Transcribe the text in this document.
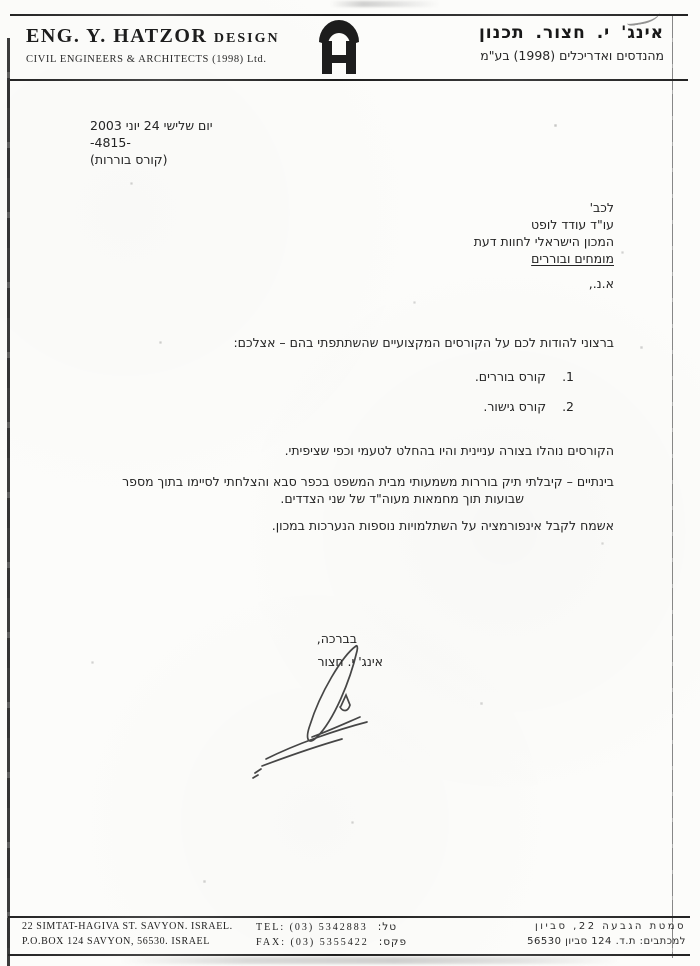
ENG. Y. HATZOR DESIGN
CIVIL ENGINEERS & ARCHITECTS (1998) Ltd.
אינג' י. חצור. תכנון
מהנדסים ואדריכלים (1998) בע"מ
יום שלישי 24 יוני 2003
-4815-
(קורס בוררות)
לכב'
עו"ד עודד לופט
המכון הישראלי לחוות דעת
מומחים ובוררים
א.נ.,
ברצוני להודות לכם על הקורסים המקצועיים שהשתתפתי בהם – אצלכם:
1.קורס בוררים.
2.קורס גישור.
הקורסים נוהלו בצורה עניינית והיו בהחלט לטעמי וכפי שציפיתי.
בינתיים – קיבלתי תיק בוררות משמעותי מבית המשפט בכפר סבא והצלחתי לסיימו בתוך מספר
שבועות תוך מחמאות מעוה"ד של שני הצדדים.
אשמח לקבל אינפורמציה על השתלמויות נוספות הנערכות במכון.
בברכה,
אינג' י. חצור
22 SIMTAT-HAGIVA ST. SAVYON. ISRAEL.
P.O.BOX 124 SAVYON, 56530. ISRAEL
TEL: (03) 5342883 טל:
FAX: (03) 5355422 פקס:
סמטת הגבעה 22, סביון
למכתבים: ת.ד. 124 סביון 56530
